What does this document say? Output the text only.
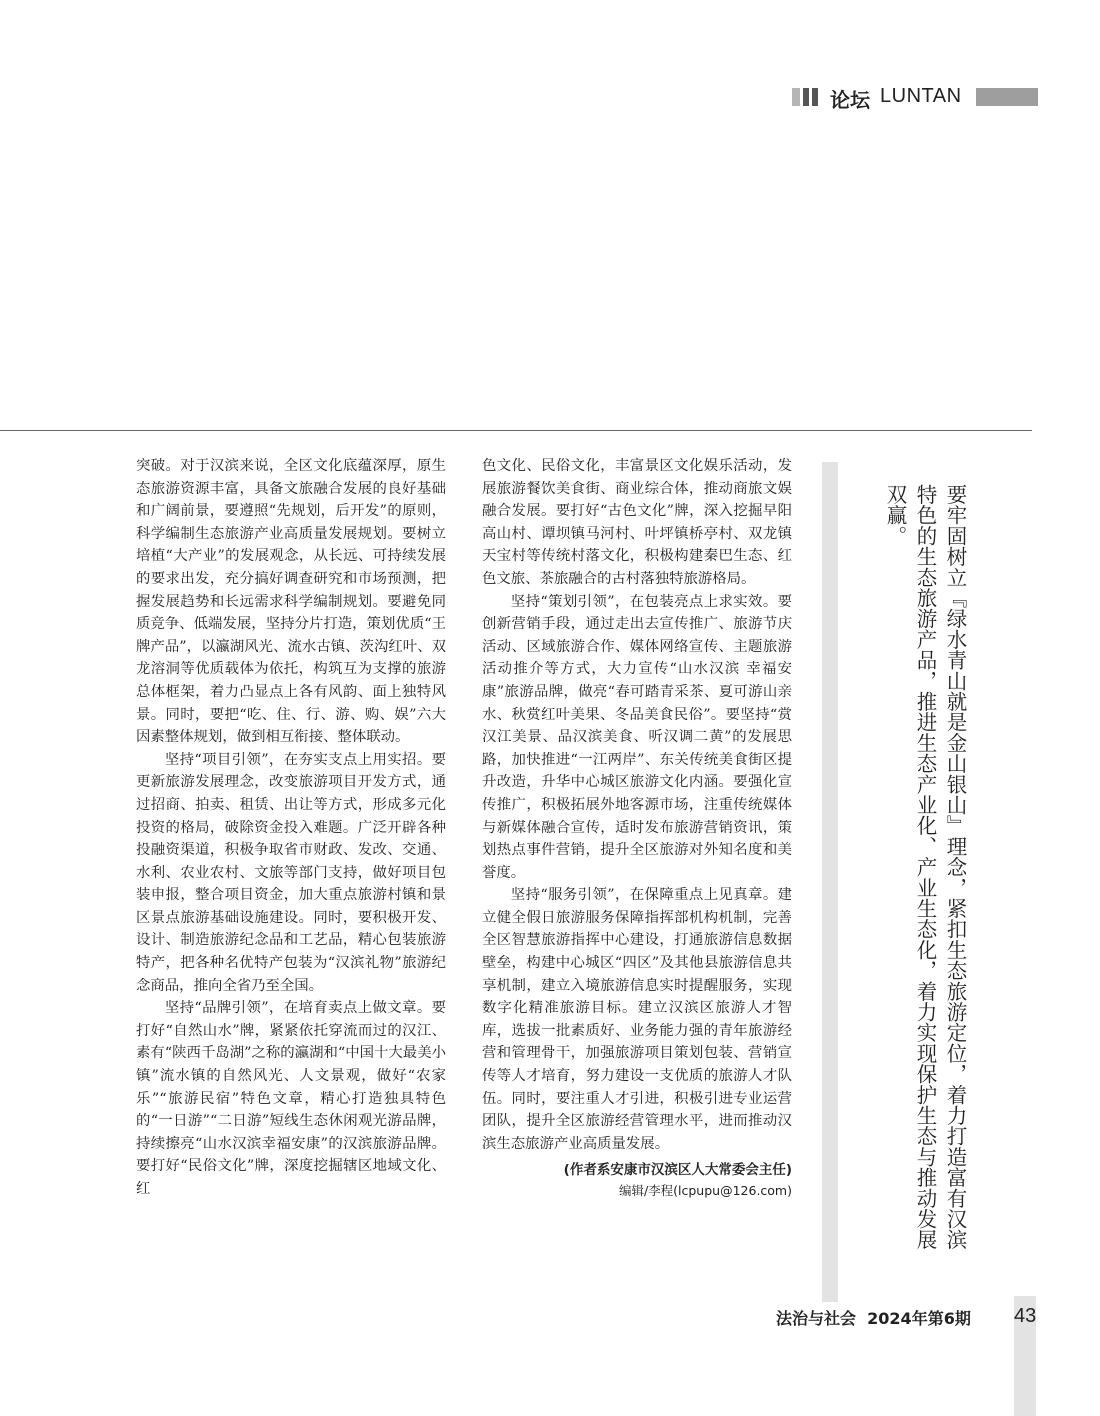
论坛 LUNTAN

突破。对于汉滨来说，全区文化底蕴深厚，原生态旅游资源丰富，具备文旅融合发展的良好基础和广阔前景，要遵照“先规划，后开发”的原则，科学编制生态旅游产业高质量发展规划。要树立培植“大产业”的发展观念，从长远、可持续发展的要求出发，充分搞好调查研究和市场预测，把握发展趋势和长远需求科学编制规划。要避免同质竞争、低端发展，坚持分片打造，策划优质“王牌产品”，以瀛湖风光、流水古镇、茨沟红叶、双龙溶洞等优质载体为依托，构筑互为支撑的旅游总体框架，着力凸显点上各有风韵、面上独特风景。同时，要把“吃、住、行、游、购、娱”六大因素整体规划，做到相互衔接、整体联动。

坚持“项目引领”，在夯实支点上用实招。要更新旅游发展理念，改变旅游项目开发方式，通过招商、拍卖、租赁、出让等方式，形成多元化投资的格局，破除资金投入难题。广泛开辟各种投融资渠道，积极争取省市财政、发改、交通、水利、农业农村、文旅等部门支持，做好项目包装申报，整合项目资金，加大重点旅游村镇和景区景点旅游基础设施建设。同时，要积极开发、设计、制造旅游纪念品和工艺品，精心包装旅游特产，把各种名优特产包装为“汉滨礼物”旅游纪念商品，推向全省乃至全国。

坚持“品牌引领”，在培育卖点上做文章。要打好“自然山水”牌，紧紧依托穿流而过的汉江、素有“陕西千岛湖”之称的瀛湖和“中国十大最美小镇”流水镇的自然风光、人文景观，做好“农家乐”“旅游民宿”特色文章，精心打造独具特色的“一日游”“二日游”短线生态休闲观光游品牌，持续擦亮“山水汉滨幸福安康”的汉滨旅游品牌。要打好“民俗文化”牌，深度挖掘辖区地域文化、红

色文化、民俗文化，丰富景区文化娱乐活动，发展旅游餐饮美食街、商业综合体，推动商旅文娱融合发展。要打好“古色文化”牌，深入挖掘早阳高山村、谭坝镇马河村、叶坪镇桥亭村、双龙镇天宝村等传统村落文化，积极构建秦巴生态、红色文旅、茶旅融合的古村落独特旅游格局。

坚持“策划引领”，在包装亮点上求实效。要创新营销手段，通过走出去宣传推广、旅游节庆活动、区域旅游合作、媒体网络宣传、主题旅游活动推介等方式，大力宣传“山水汉滨 幸福安康”旅游品牌，做亮“春可踏青采茶、夏可游山亲水、秋赏红叶美果、冬品美食民俗”。要坚持“赏汉江美景、品汉滨美食、听汉调二黄”的发展思路，加快推进“一江两岸”、东关传统美食街区提升改造，升华中心城区旅游文化内涵。要强化宣传推广，积极拓展外地客源市场，注重传统媒体与新媒体融合宣传，适时发布旅游营销资讯，策划热点事件营销，提升全区旅游对外知名度和美誉度。

坚持“服务引领”，在保障重点上见真章。建立健全假日旅游服务保障指挥部机构机制，完善全区智慧旅游指挥中心建设，打通旅游信息数据壁垒，构建中心城区“四区”及其他县旅游信息共享机制，建立入境旅游信息实时提醒服务，实现数字化精准旅游目标。建立汉滨区旅游人才智库，选拔一批素质好、业务能力强的青年旅游经营和管理骨干，加强旅游项目策划包装、营销宣传等人才培育，努力建设一支优质的旅游人才队伍。同时，要注重人才引进，积极引进专业运营团队，提升全区旅游经营管理水平，进而推动汉滨生态旅游产业高质量发展。

(作者系安康市汉滨区人大常委会主任)
编辑/李程(lcpupu@126.com)	要牢固树立『绿水青山就是金山银山』理念，紧扣生态旅游定位，着力打造富有汉滨特色的生态旅游产品，推进生态产业化、产业生态化，着力实现保护生态与推动发展双赢。
法治与社会 2024年第6期 43
